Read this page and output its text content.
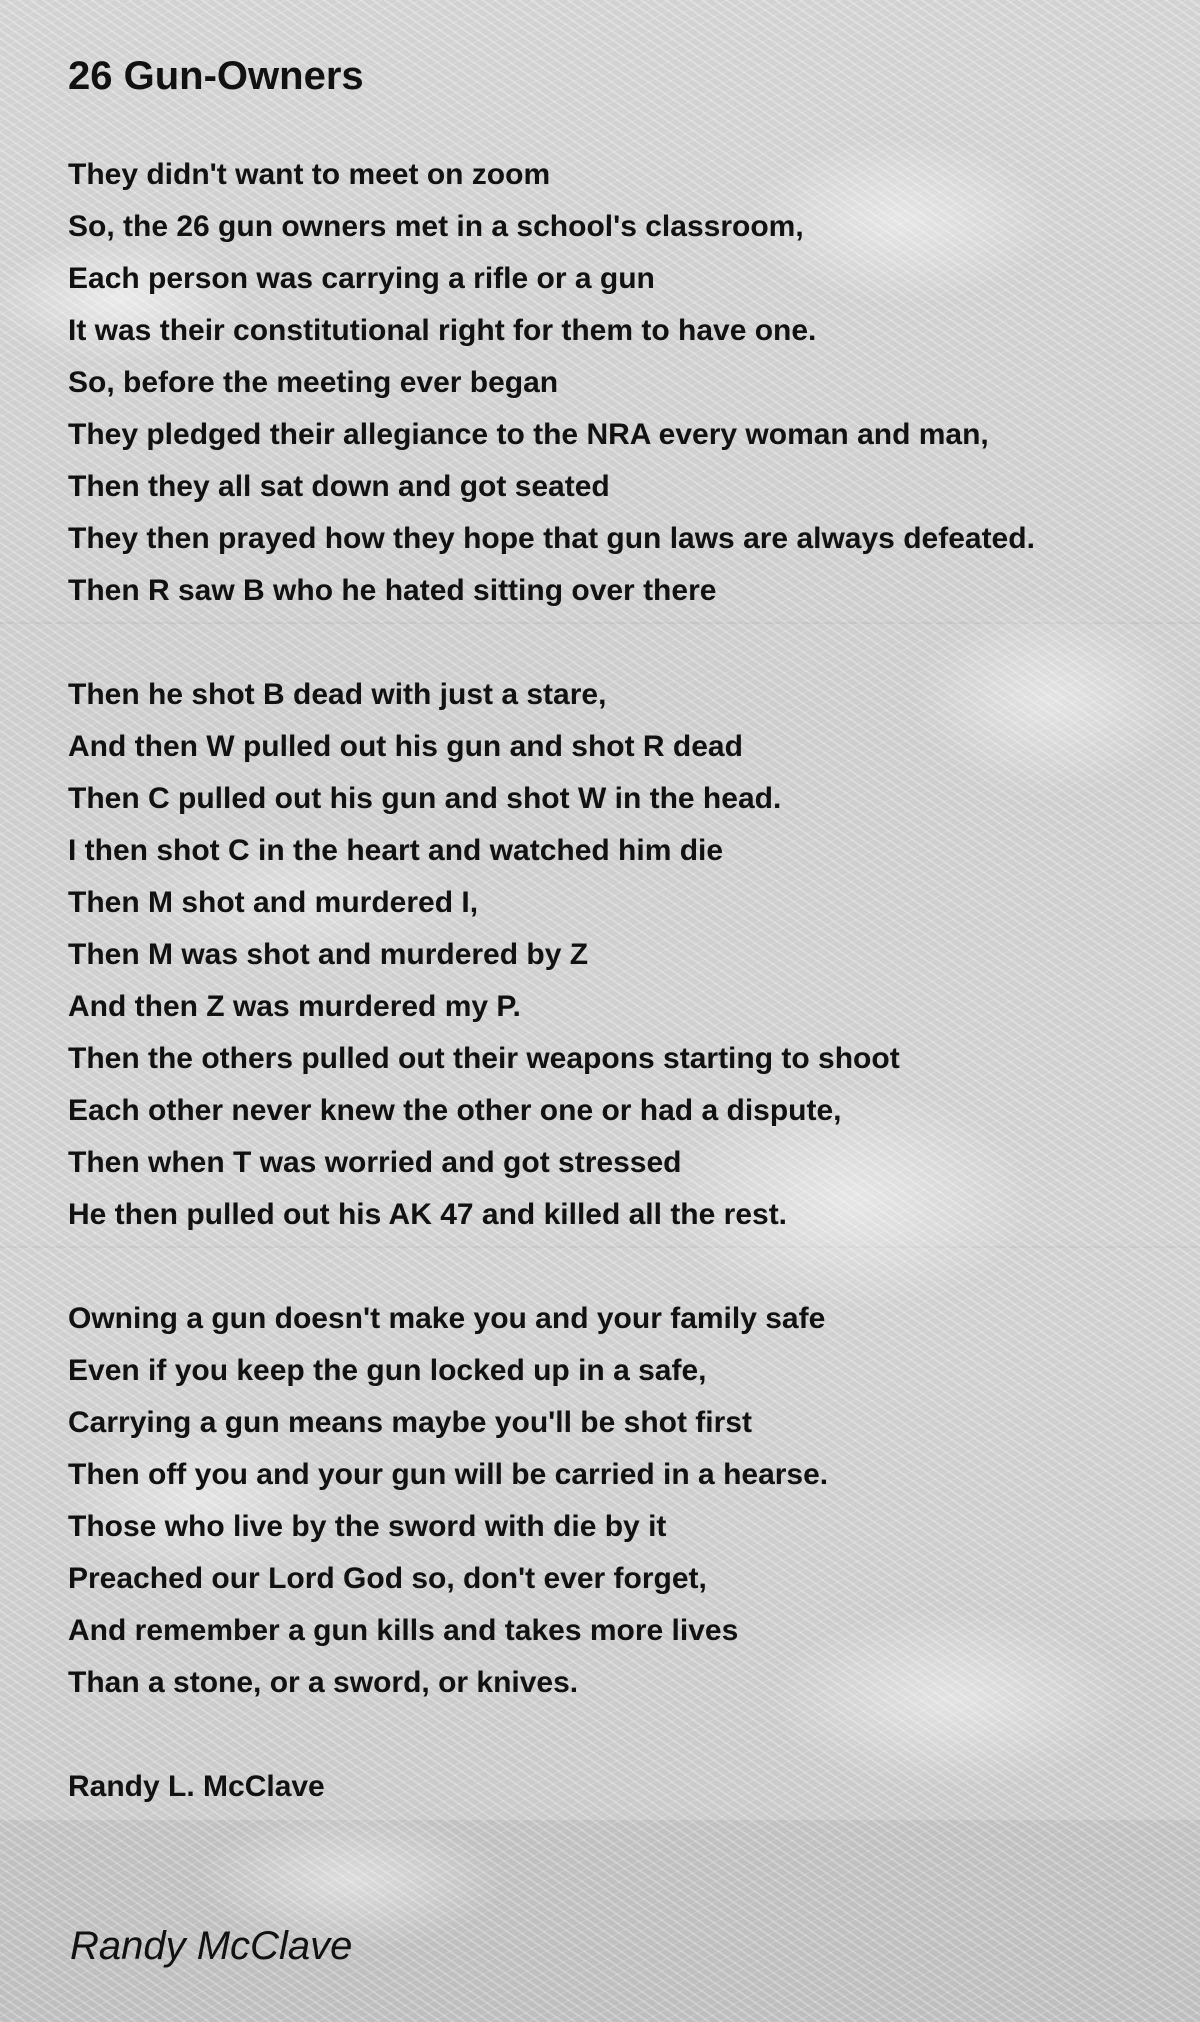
26 Gun-Owners
They didn't want to meet on zoom
So, the 26 gun owners met in a school's classroom,
Each person was carrying a rifle or a gun
It was their constitutional right for them to have one.
So, before the meeting ever began
They pledged their allegiance to the NRA every woman and man,
Then they all sat down and got seated
They then prayed how they hope that gun laws are always defeated.
Then R saw B who he hated sitting over there
Then he shot B dead with just a stare,
And then W pulled out his gun and shot R dead
Then C pulled out his gun and shot W in the head.
I then shot C in the heart and watched him die
Then M shot and murdered I,
Then M was shot and murdered by Z
And then Z was murdered my P.
Then the others pulled out their weapons starting to shoot
Each other never knew the other one or had a dispute,
Then when T was worried and got stressed
He then pulled out his AK 47 and killed all the rest.
Owning a gun doesn't make you and your family safe
Even if you keep the gun locked up in a safe,
Carrying a gun means maybe you'll be shot first
Then off you and your gun will be carried in a hearse.
Those who live by the sword with die by it
Preached our Lord God so, don't ever forget,
And remember a gun kills and takes more lives
Than a stone, or a sword, or knives.
Randy L. McClave
Randy McClave
